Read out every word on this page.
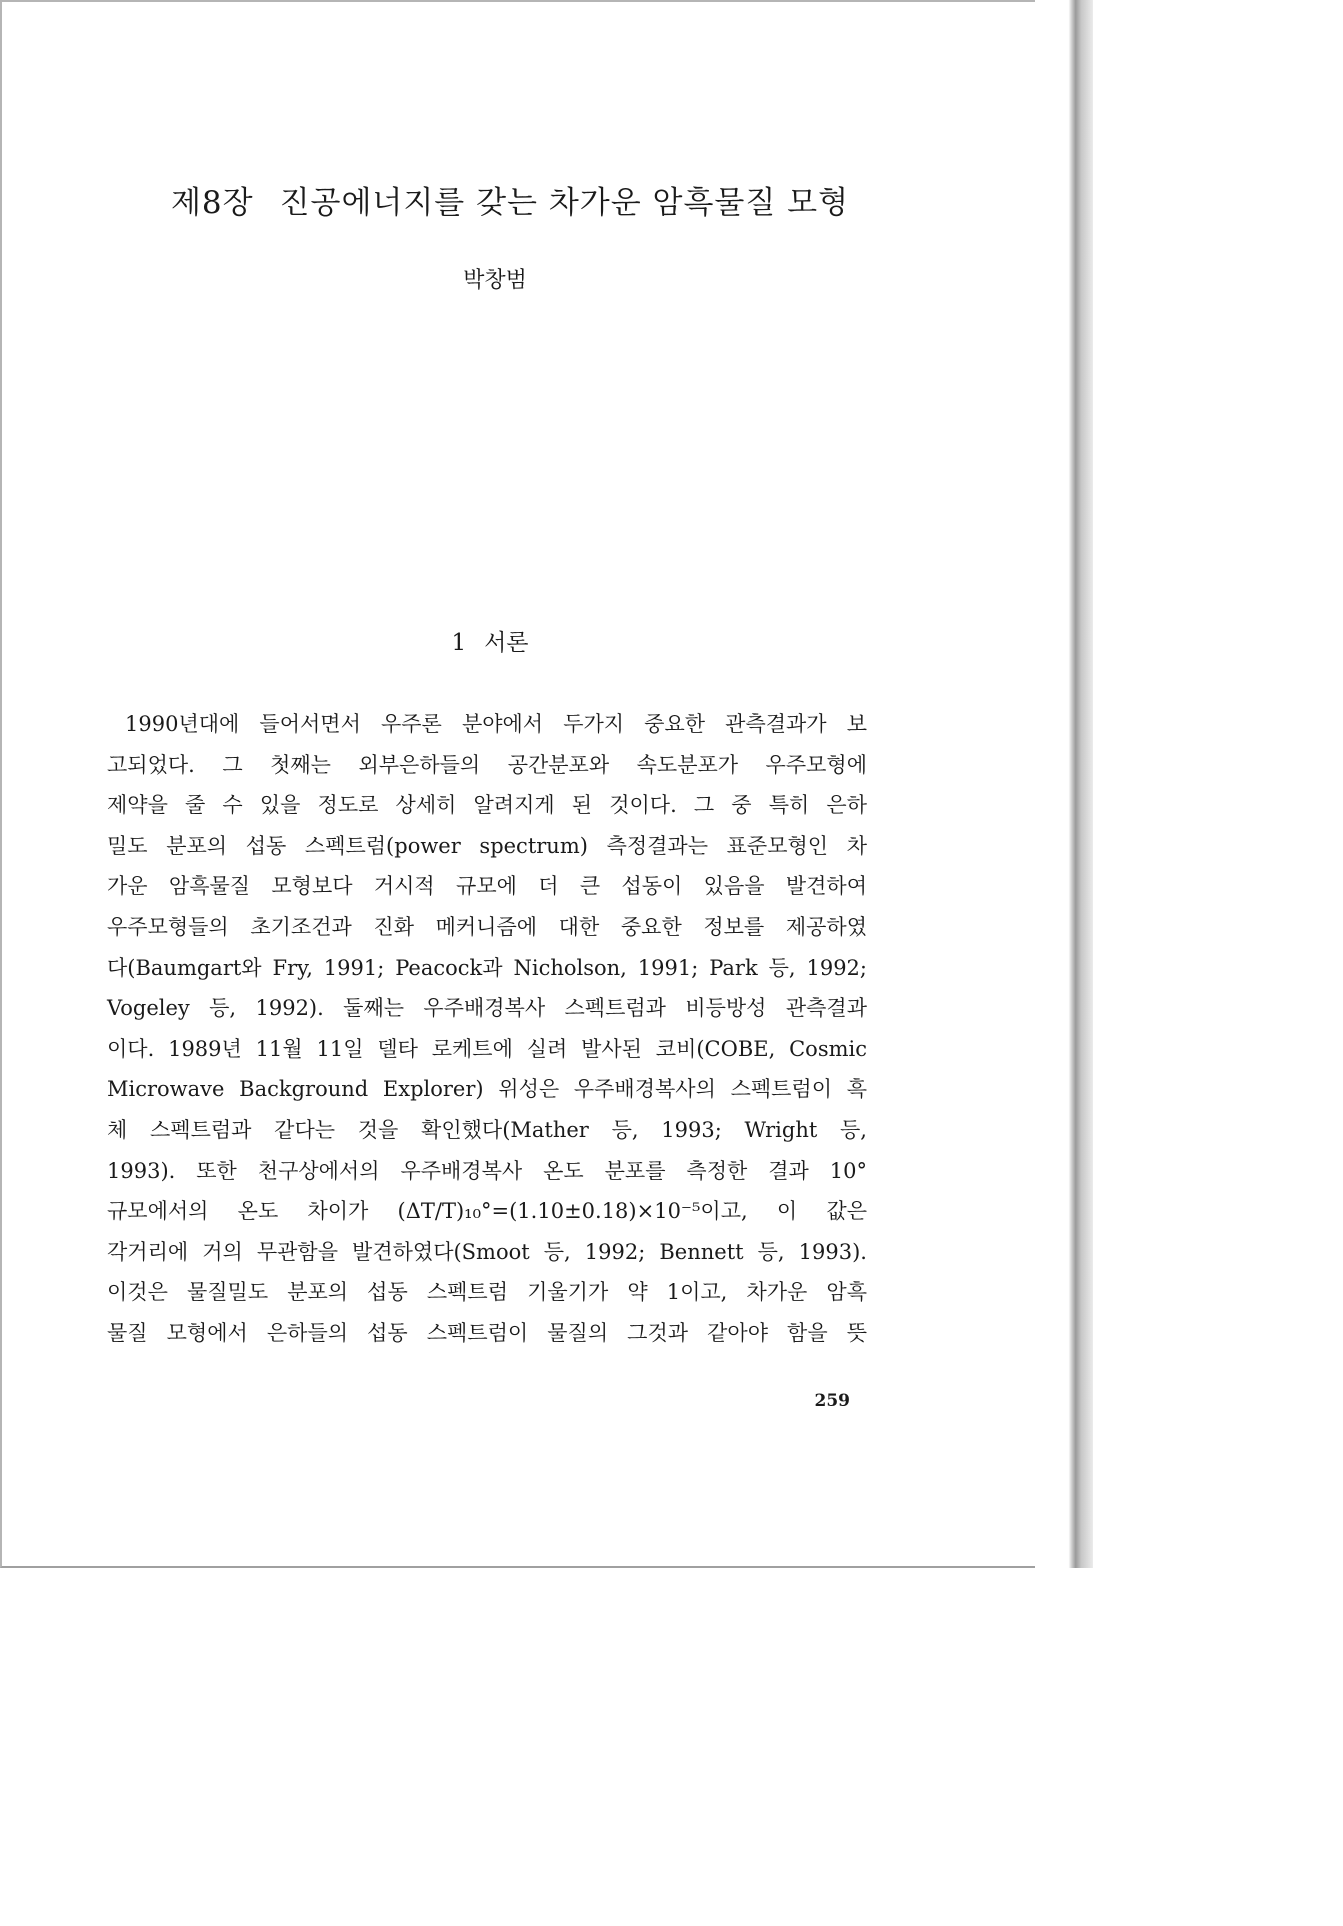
제8장 진공에너지를 갖는 차가운 암흑물질 모형
박창범
1 서론
1990년대에 들어서면서 우주론 분야에서 두가지 중요한 관측결과가 보
고되었다. 그 첫째는 외부은하들의 공간분포와 속도분포가 우주모형에
제약을 줄 수 있을 정도로 상세히 알려지게 된 것이다. 그 중 특히 은하
밀도 분포의 섭동 스펙트럼(power spectrum) 측정결과는 표준모형인 차
가운 암흑물질 모형보다 거시적 규모에 더 큰 섭동이 있음을 발견하여
우주모형들의 초기조건과 진화 메커니즘에 대한 중요한 정보를 제공하였
다(Baumgart와 Fry, 1991; Peacock과 Nicholson, 1991; Park 등, 1992;
Vogeley 등, 1992). 둘째는 우주배경복사 스펙트럼과 비등방성 관측결과
이다. 1989년 11월 11일 델타 로케트에 실려 발사된 코비(COBE, Cosmic
Microwave Background Explorer) 위성은 우주배경복사의 스펙트럼이 흑
체 스펙트럼과 같다는 것을 확인했다(Mather 등, 1993; Wright 등,
1993). 또한 천구상에서의 우주배경복사 온도 분포를 측정한 결과 10°
규모에서의 온도 차이가 (ΔT/T)₁₀°=(1.10±0.18)×10⁻⁵이고, 이 값은
각거리에 거의 무관함을 발견하였다(Smoot 등, 1992; Bennett 등, 1993).
이것은 물질밀도 분포의 섭동 스펙트럼 기울기가 약 1이고, 차가운 암흑
물질 모형에서 은하들의 섭동 스펙트럼이 물질의 그것과 같아야 함을 뜻
259
